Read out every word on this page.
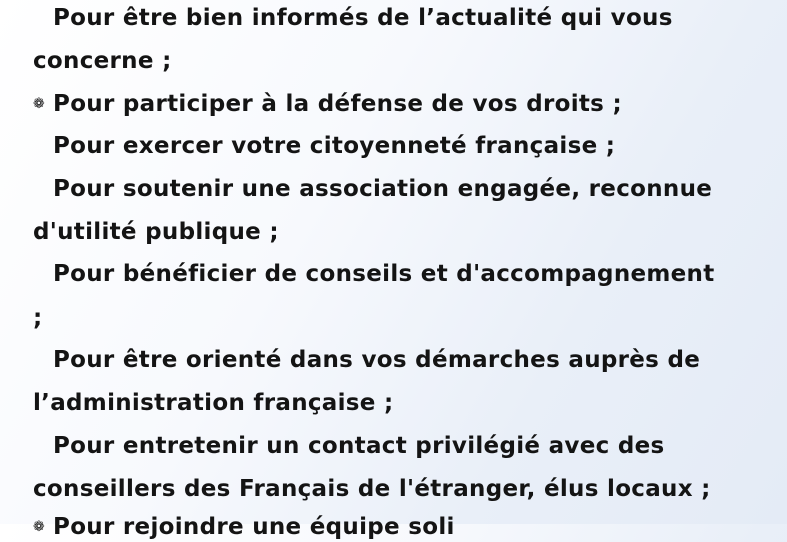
Pour être bien informés de l’actualité qui vous
concerne ;
❁ Pour participer à la défense de vos droits ;
Pour exercer votre citoyenneté française ;
Pour soutenir une association engagée, reconnue
d'utilité publique ;
Pour bénéficier de conseils et d'accompagnement
;
Pour être orienté dans vos démarches auprès de
l’administration française ;
Pour entretenir un contact privilégié avec des
conseillers des Français de l'étranger, élus locaux ;
❁ Pour rejoindre une équipe soli
